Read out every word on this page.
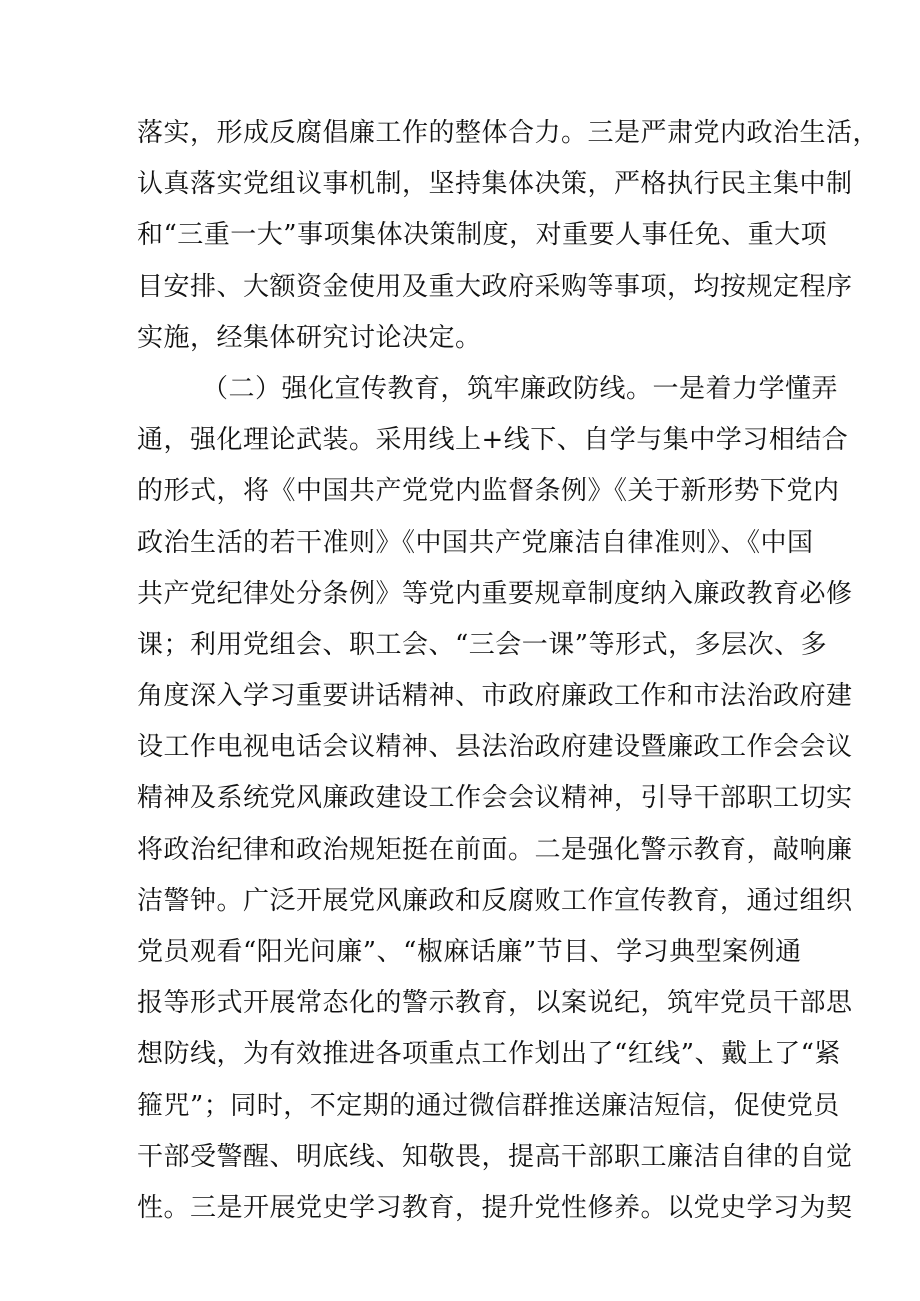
落实，形成反腐倡廉工作的整体合力。三是严肃党内政治生活，
认真落实党组议事机制，坚持集体决策，严格执行民主集中制
和“三重一大”事项集体决策制度，对重要人事任免、重大项
目安排、大额资金使用及重大政府采购等事项，均按规定程序
实施，经集体研究讨论决定。
（二）强化宣传教育，筑牢廉政防线。一是着力学懂弄
通，强化理论武装。采用线上+线下、自学与集中学习相结合
的形式，将《中国共产党党内监督条例》《关于新形势下党内
政治生活的若干准则》《中国共产党廉洁自律准则》、《中国
共产党纪律处分条例》等党内重要规章制度纳入廉政教育必修
课；利用党组会、职工会、“三会一课”等形式，多层次、多
角度深入学习重要讲话精神、市政府廉政工作和市法治政府建
设工作电视电话会议精神、县法治政府建设暨廉政工作会会议
精神及系统党风廉政建设工作会会议精神，引导干部职工切实
将政治纪律和政治规矩挺在前面。二是强化警示教育，敲响廉
洁警钟。广泛开展党风廉政和反腐败工作宣传教育，通过组织
党员观看“阳光问廉”、“椒麻话廉”节目、学习典型案例通
报等形式开展常态化的警示教育，以案说纪，筑牢党员干部思
想防线，为有效推进各项重点工作划出了“红线”、戴上了“紧
箍咒”；同时，不定期的通过微信群推送廉洁短信，促使党员
干部受警醒、明底线、知敬畏，提高干部职工廉洁自律的自觉
性。三是开展党史学习教育，提升党性修养。以党史学习为契
